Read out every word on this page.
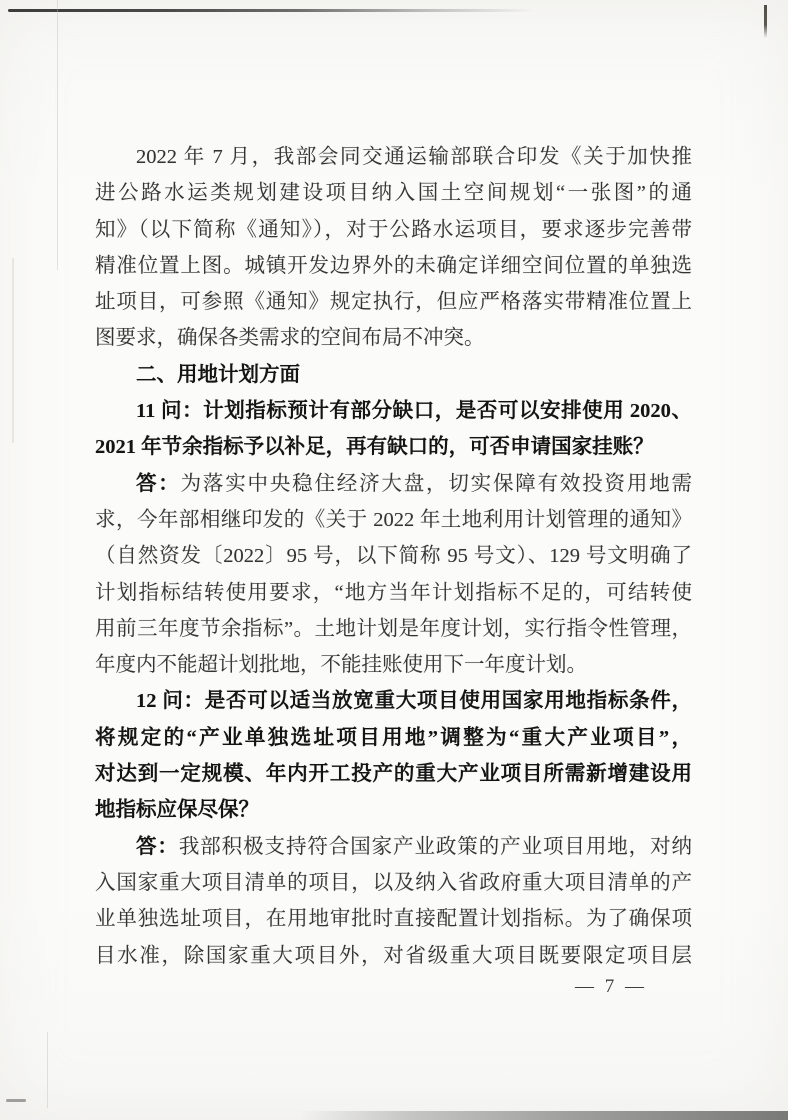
2022 年 7 月，我部会同交通运输部联合印发《关于加快推
进公路水运类规划建设项目纳入国土空间规划“一张图”的通
知》（以下简称《通知》），对于公路水运项目，要求逐步完善带
精准位置上图。城镇开发边界外的未确定详细空间位置的单独选
址项目，可参照《通知》规定执行，但应严格落实带精准位置上
图要求，确保各类需求的空间布局不冲突。
二、用地计划方面
11 问：计划指标预计有部分缺口，是否可以安排使用 2020、
2021 年节余指标予以补足，再有缺口的，可否申请国家挂账？
答：为落实中央稳住经济大盘，切实保障有效投资用地需
求，今年部相继印发的《关于 2022 年土地利用计划管理的通知》
（自然资发〔2022〕95 号，以下简称 95 号文）、129 号文明确了
计划指标结转使用要求，“地方当年计划指标不足的，可结转使
用前三年度节余指标”。土地计划是年度计划，实行指令性管理，
年度内不能超计划批地，不能挂账使用下一年度计划。
12 问：是否可以适当放宽重大项目使用国家用地指标条件，
将规定的“产业单独选址项目用地”调整为“重大产业项目”，
对达到一定规模、年内开工投产的重大产业项目所需新增建设用
地指标应保尽保？
答：我部积极支持符合国家产业政策的产业项目用地，对纳
入国家重大项目清单的项目，以及纳入省政府重大项目清单的产
业单独选址项目，在用地审批时直接配置计划指标。为了确保项
目水准，除国家重大项目外，对省级重大项目既要限定项目层
— 7 —
